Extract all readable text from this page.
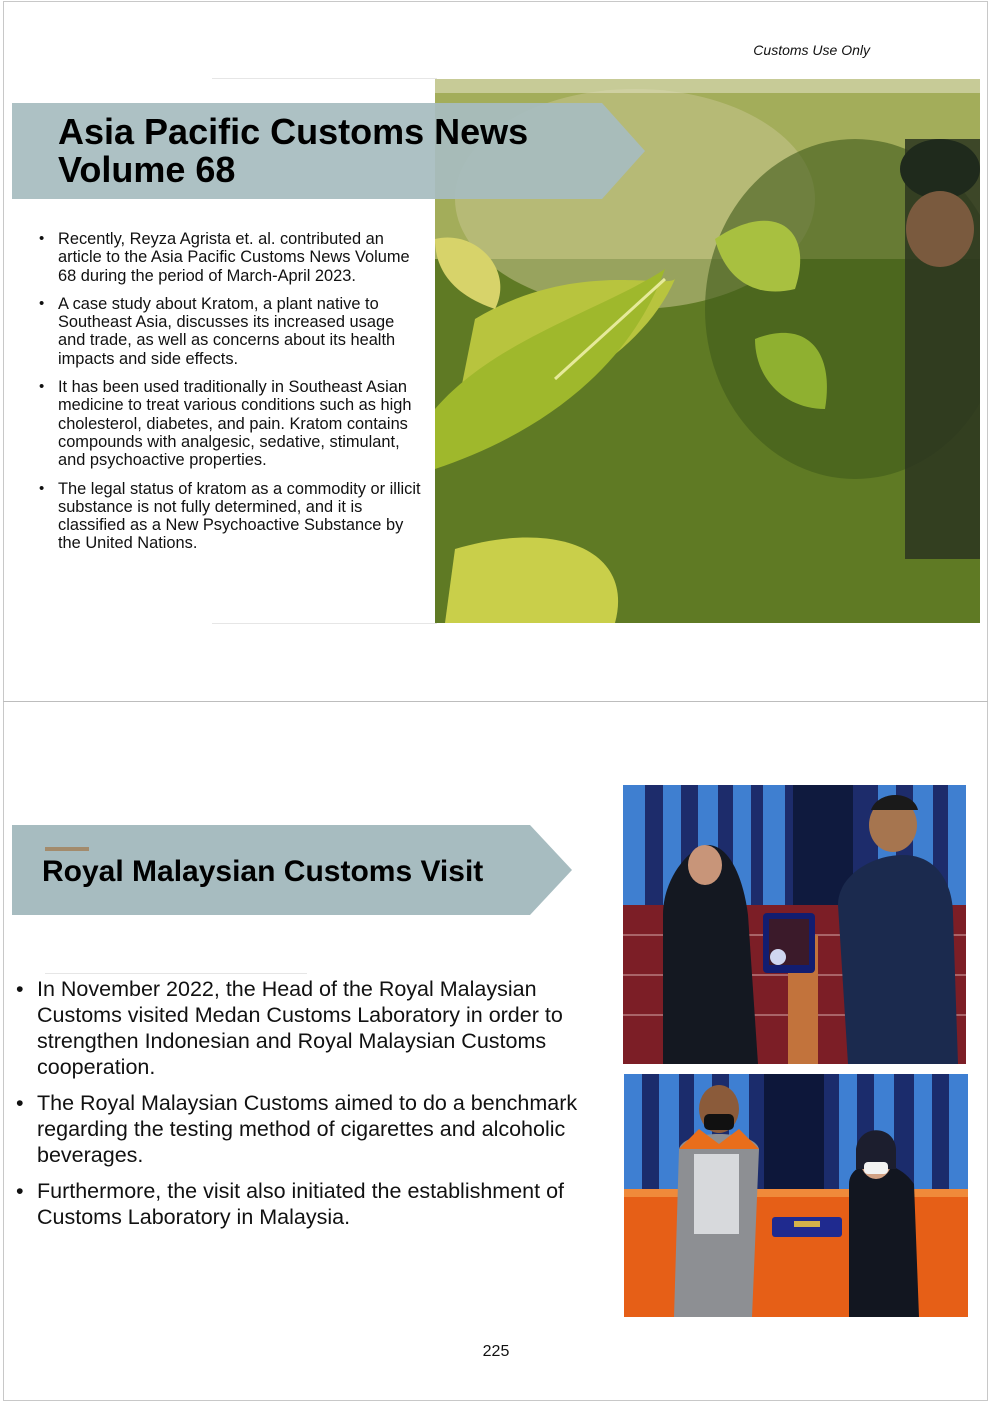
Customs Use Only
Asia Pacific Customs News
Volume 68
• Recently, Reyza Agrista et. al. contributed an article to the Asia Pacific Customs News Volume 68 during the period of March-April 2023.
• A case study about Kratom, a plant native to Southeast Asia, discusses its increased usage and trade, as well as concerns about its health impacts and side effects.
• It has been used traditionally in Southeast Asian medicine to treat various conditions such as high cholesterol, diabetes, and pain. Kratom contains compounds with analgesic, sedative, stimulant, and psychoactive properties.
• The legal status of kratom as a commodity or illicit substance is not fully determined, and it is classified as a New Psychoactive Substance by the United Nations.
Royal Malaysian Customs Visit
• In November 2022, the Head of the Royal Malaysian Customs visited Medan Customs Laboratory in order to strengthen Indonesian and Royal Malaysian Customs cooperation.
• The Royal Malaysian Customs aimed to do a benchmark regarding the testing method of cigarettes and alcoholic beverages.
• Furthermore, the visit also initiated the establishment of Customs Laboratory in Malaysia.
225
